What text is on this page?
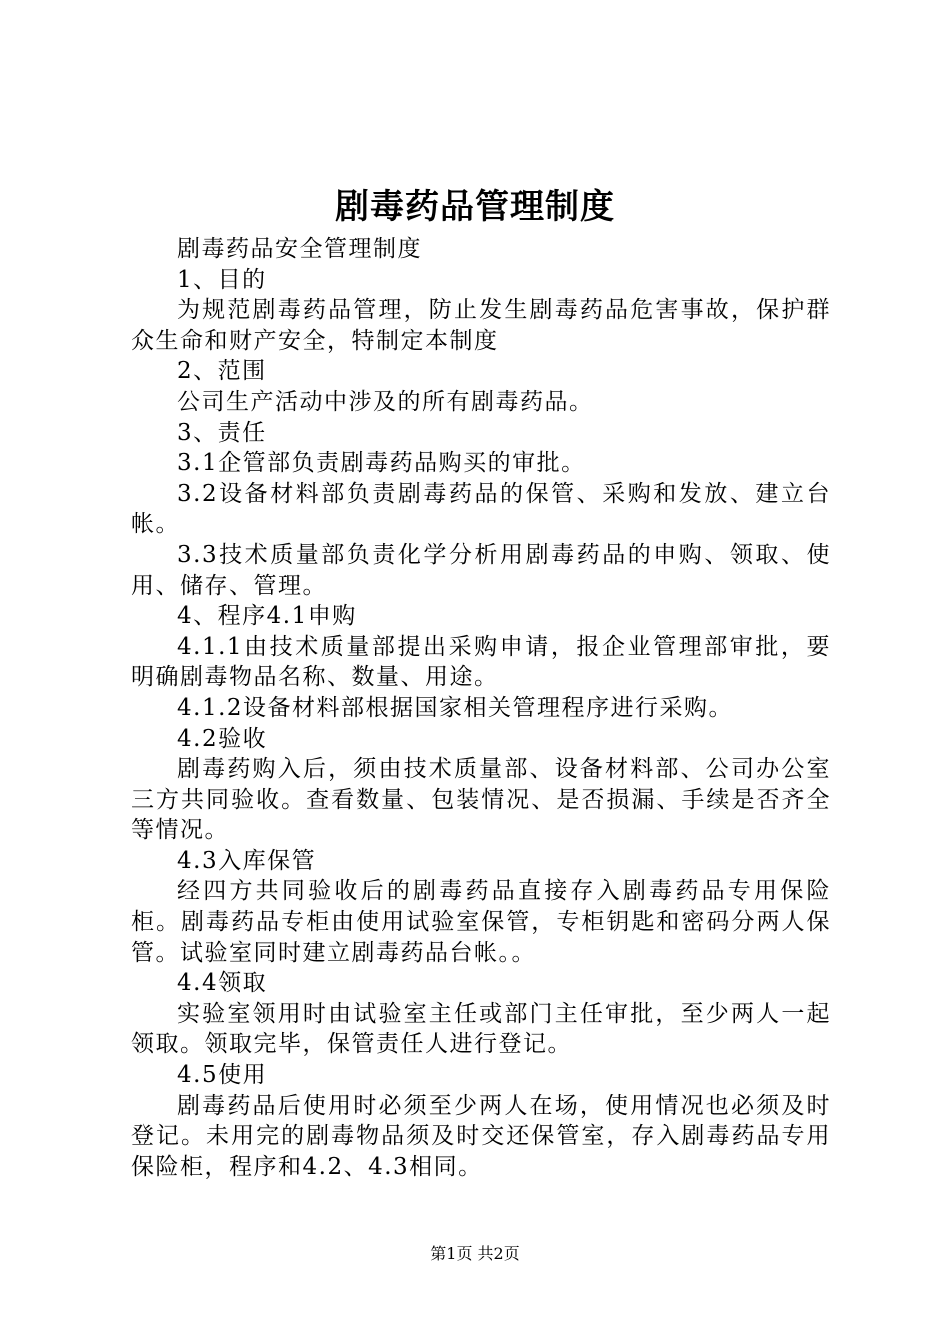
剧毒药品管理制度

剧毒药品安全管理制度

1、目的

为规范剧毒药品管理，防止发生剧毒药品危害事故，保护群众生命和财产安全，特制定本制度

2、范围

公司生产活动中涉及的所有剧毒药品。

3、责任

3.1企管部负责剧毒药品购买的审批。

3.2设备材料部负责剧毒药品的保管、采购和发放、建立台帐。

3.3技术质量部负责化学分析用剧毒药品的申购、领取、使用、储存、管理。

4、程序4.1申购

4.1.1由技术质量部提出采购申请，报企业管理部审批，要明确剧毒物品名称、数量、用途。

4.1.2设备材料部根据国家相关管理程序进行采购。

4.2验收

剧毒药购入后，须由技术质量部、设备材料部、公司办公室三方共同验收。查看数量、包装情况、是否损漏、手续是否齐全等情况。

4.3入库保管

经四方共同验收后的剧毒药品直接存入剧毒药品专用保险柜。剧毒药品专柜由使用试验室保管，专柜钥匙和密码分两人保管。试验室同时建立剧毒药品台帐。。

4.4领取

实验室领用时由试验室主任或部门主任审批，至少两人一起领取。领取完毕，保管责任人进行登记。

4.5使用

剧毒药品后使用时必须至少两人在场，使用情况也必须及时登记。未用完的剧毒物品须及时交还保管室，存入剧毒药品专用保险柜，程序和4.2、4.3相同。

第1页 共2页
